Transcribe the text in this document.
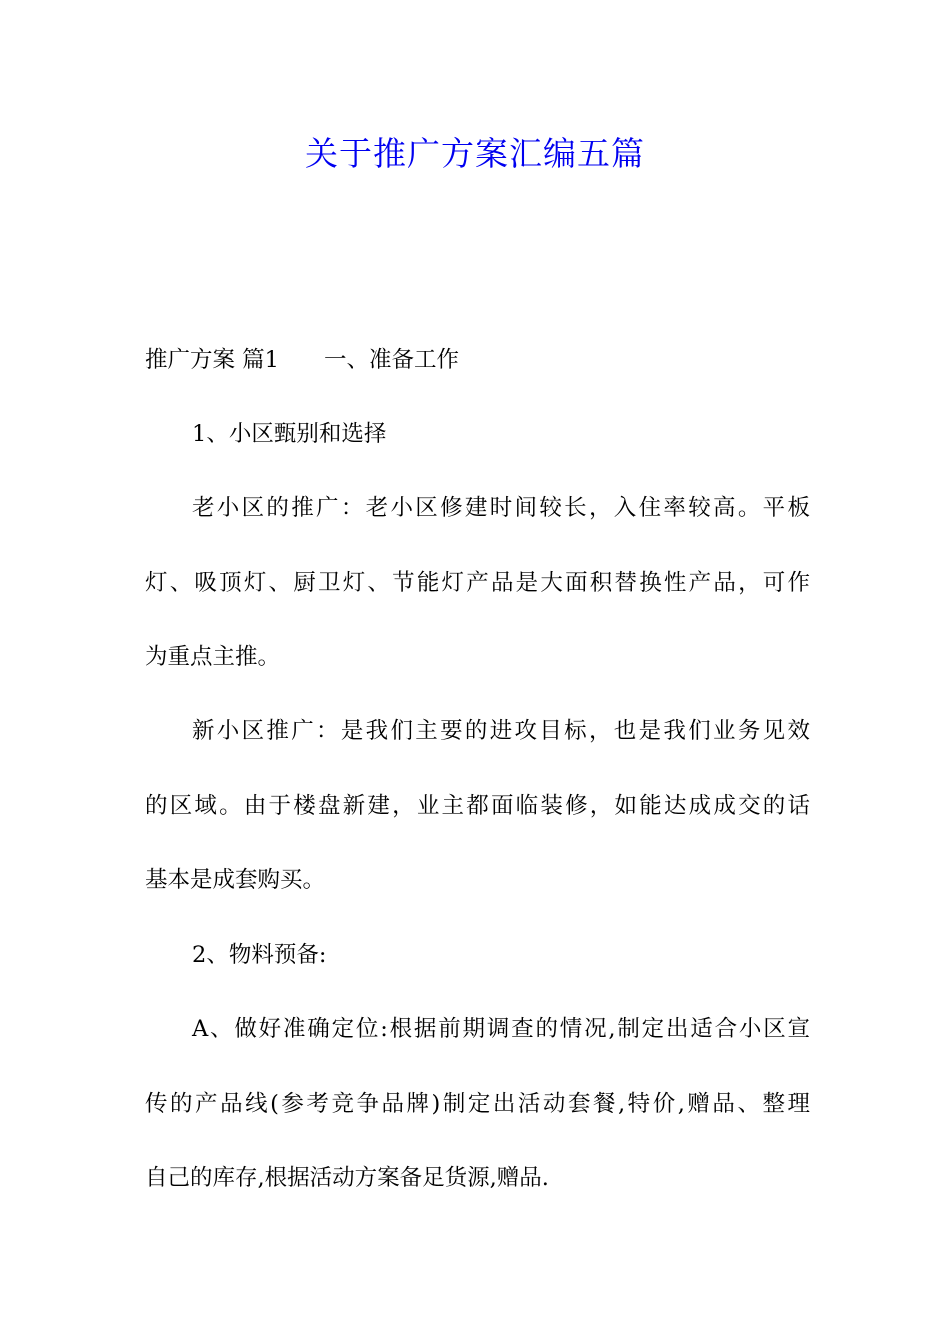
关于推广方案汇编五篇
推广方案 篇1 一、准备工作
1、小区甄别和选择
老小区的推广：老小区修建时间较长，入住率较高。平板
灯、吸顶灯、厨卫灯、节能灯产品是大面积替换性产品，可作
为重点主推。
新小区推广：是我们主要的进攻目标，也是我们业务见效
的区域。由于楼盘新建，业主都面临装修，如能达成成交的话
基本是成套购买。
2、物料预备:
A、做好准确定位:根据前期调查的情况,制定出适合小区宣
传的产品线(参考竞争品牌)制定出活动套餐,特价,赠品、整理
自己的库存,根据活动方案备足货源,赠品.
